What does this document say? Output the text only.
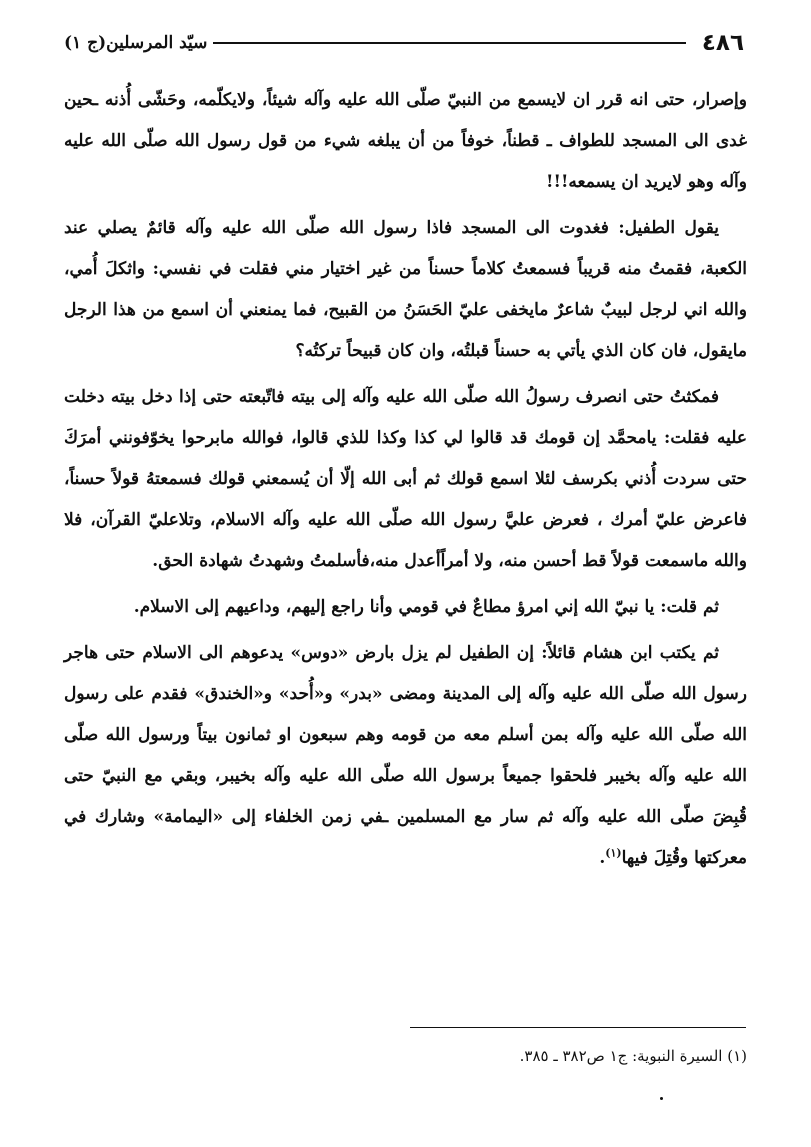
٤٨٦
سيّد المرسلين(ج ١)

وإصرار، حتى انه قرر ان لايسمع من النبيّ صلّى الله عليه وآله شيئاً، ولايكلّمه، وحَشّى أُذنه ـحين غدى الى المسجد للطواف ـ قطناً، خوفاً من أن يبلغه شيء من قول رسول الله صلّى الله عليه وآله وهو لايريد ان يسمعه!!!

يقول الطفيل: فغدوت الى المسجد فاذا رسول الله صلّى الله عليه وآله قائمٌ يصلي عند الكعبة، فقمتُ منه قريباً فسمعتُ كلاماً حسناً من غير اختيار مني فقلت في نفسي: واثكلَ أُمي، والله اني لرجل لبيبٌ شاعرٌ مايخفى عليّ الحَسَنُ من القبيح، فما يمنعني أن اسمع من هذا الرجل مايقول، فان كان الذي يأتي به حسناً قبلتُه، وان كان قبيحاً تركتُه؟

فمكثتُ حتى انصرف رسولُ الله صلّى الله عليه وآله إلى بيته فاتّبعته حتى إذا دخل بيته دخلت عليه فقلت: يامحمَّد إن قومك قد قالوا لي كذا وكذا للذي قالوا، فوالله مابرحوا يخوّفونني أمرَكَ حتى سردت أُذني بكرسف لئلا اسمع قولك ثم أبى الله إلّا أن يُسمعني قولك فسمعتهُ قولاً حسناً، فاعرض عليّ أمرك ، فعرض عليَّ رسول الله صلّى الله عليه وآله الاسلام، وتلاعليّ القرآن، فلا والله ماسمعت قولاً قط أحسن منه، ولا أمراًأعدل منه،فأسلمتُ وشهدتُ شهادة الحق.

ثم قلت: يا نبيّ الله إني امرؤ مطاعٌ في قومي وأنا راجع إليهم، وداعيهم إلى الاسلام.

ثم يكتب ابن هشام قائلاً: إن الطفيل لم يزل بارض «دوس» يدعوهم الى الاسلام حتى هاجر رسول الله صلّى الله عليه وآله إلى المدينة ومضى «بدر» و«أُحد» و«الخندق» فقدم على رسول الله صلّى الله عليه وآله بمن أسلم معه من قومه وهم سبعون او ثمانون بيتاً ورسول الله صلّى الله عليه وآله بخيبر فلحقوا جميعاً برسول الله صلّى الله عليه وآله بخيبر، وبقي مع النبيّ حتى قُبِضَ صلّى الله عليه وآله ثم سار مع المسلمين ـفي زمن الخلفاء إلى «اليمامة» وشارك في معركتها وقُتِلَ فيها$^{(١)}$.

(١) السيرة النبوية: ج١ ص٣٨٢ ـ ٣٨٥.
